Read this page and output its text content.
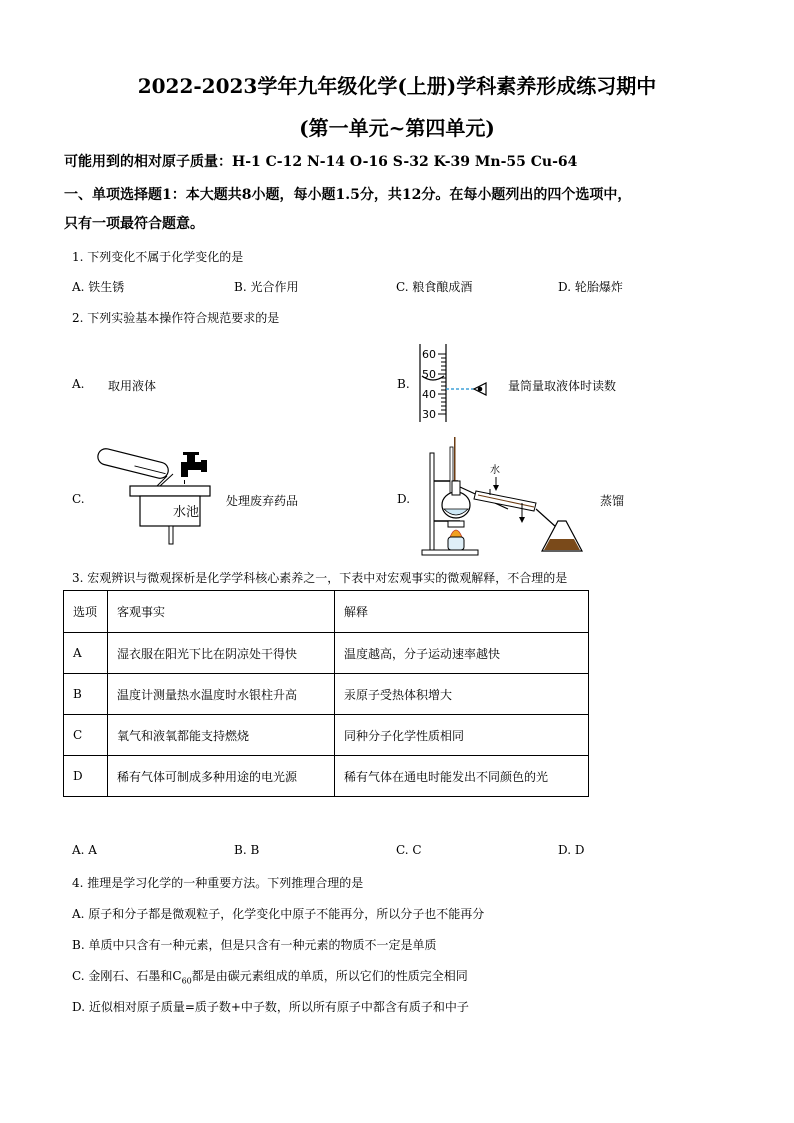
2022-2023学年九年级化学(上册)学科素养形成练习期中
(第一单元~第四单元)
可能用到的相对原子质量：H-1 C-12 N-14 O-16 S-32 K-39 Mn-55 Cu-64
一、单项选择题1：本大题共8小题，每小题1.5分，共12分。在每小题列出的四个选项中，
只有一项最符合题意。
1. 下列变化不属于化学变化的是
A. 铁生锈	B. 光合作用	C. 粮食酿成酒	D. 轮胎爆炸
2. 下列实验基本操作符合规范要求的是
A. 取用液体	B.
60
50
40
30
量筒量取液体时读数
C.
水池
处理废弃药品	D.
水
蒸馏
3. 宏观辨识与微观探析是化学学科核心素养之一，下表中对宏观事实的微观解释，不合理的是
选项	客观事实	解释
A	湿衣服在阳光下比在阴凉处干得快	温度越高，分子运动速率越快
B	温度计测量热水温度时水银柱升高	汞原子受热体积增大
C	氧气和液氧都能支持燃烧	同种分子化学性质相同
D	稀有气体可制成多种用途的电光源	稀有气体在通电时能发出不同颜色的光
A. A	B. B	C. C	D. D
4. 推理是学习化学的一种重要方法。下列推理合理的是
A. 原子和分子都是微观粒子，化学变化中原子不能再分，所以分子也不能再分
B. 单质中只含有一种元素，但是只含有一种元素的物质不一定是单质
C. 金刚石、石墨和$C_{60}$都是由碳元素组成的单质，所以它们的性质完全相同
D. 近似相对原子质量=质子数+中子数，所以所有原子中都含有质子和中子
